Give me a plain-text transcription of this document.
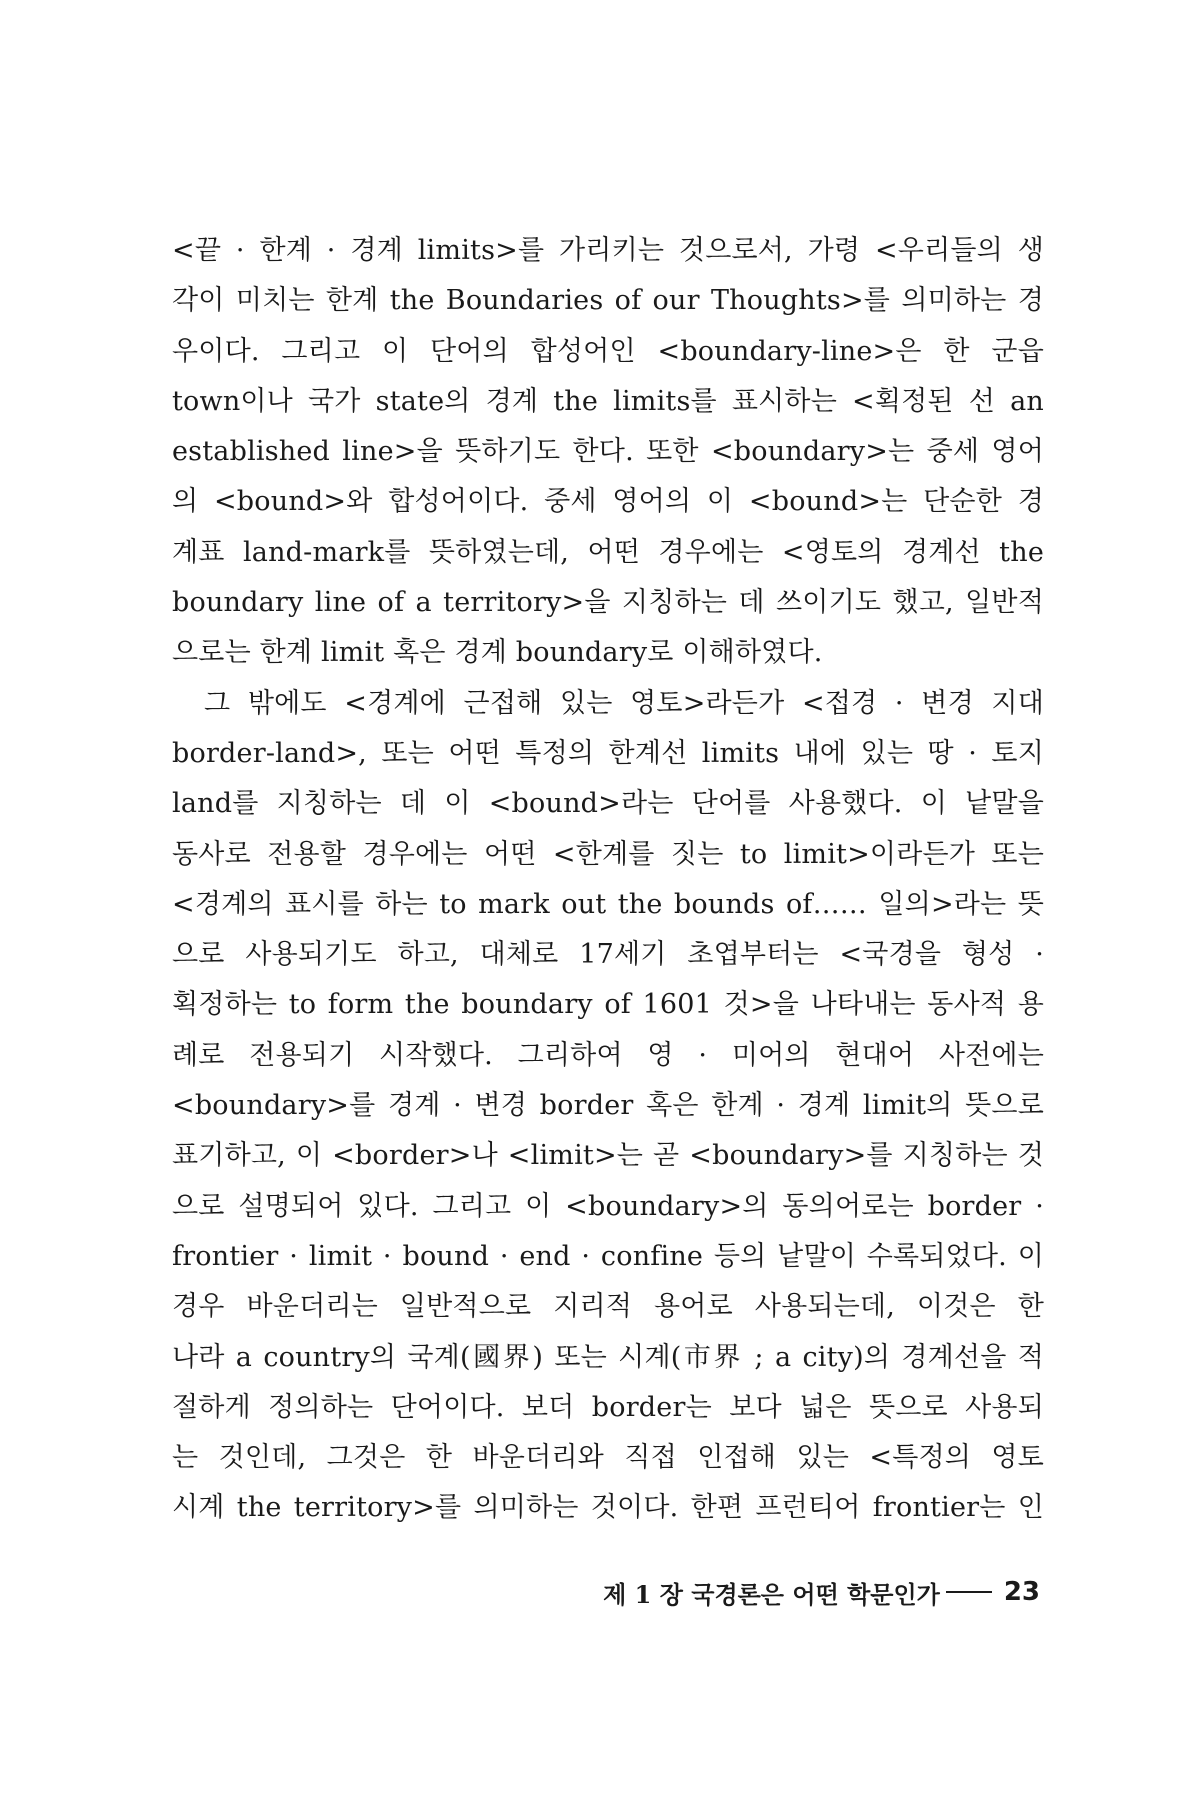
<끝 · 한계 · 경계 limits>를 가리키는 것으로서, 가령 <우리들의 생
각이 미치는 한계 the Boundaries of our Thoughts>를 의미하는 경
우이다. 그리고 이 단어의 합성어인 <boundary-line>은 한 군읍
town이나 국가 state의 경계 the limits를 표시하는 <획정된 선 an
established line>을 뜻하기도 한다. 또한 <boundary>는 중세 영어
의 <bound>와 합성어이다. 중세 영어의 이 <bound>는 단순한 경
계표 land-mark를 뜻하였는데, 어떤 경우에는 <영토의 경계선 the
boundary line of a territory>을 지칭하는 데 쓰이기도 했고, 일반적
으로는 한계 limit 혹은 경계 boundary로 이해하였다.
그 밖에도 <경계에 근접해 있는 영토>라든가 <접경 · 변경 지대
border-land>, 또는 어떤 특정의 한계선 limits 내에 있는 땅 · 토지
land를 지칭하는 데 이 <bound>라는 단어를 사용했다. 이 낱말을
동사로 전용할 경우에는 어떤 <한계를 짓는 to limit>이라든가 또는
<경계의 표시를 하는 to mark out the bounds of…… 일의>라는 뜻
으로 사용되기도 하고, 대체로 17세기 초엽부터는 <국경을 형성 ·
획정하는 to form the boundary of 1601 것>을 나타내는 동사적 용
례로 전용되기 시작했다. 그리하여 영 · 미어의 현대어 사전에는
<boundary>를 경계 · 변경 border 혹은 한계 · 경계 limit의 뜻으로
표기하고, 이 <border>나 <limit>는 곧 <boundary>를 지칭하는 것
으로 설명되어 있다. 그리고 이 <boundary>의 동의어로는 border ·
frontier · limit · bound · end · confine 등의 낱말이 수록되었다. 이
경우 바운더리는 일반적으로 지리적 용어로 사용되는데, 이것은 한
나라 a country의 국계(國界) 또는 시계(市界 ; a city)의 경계선을 적
절하게 정의하는 단어이다. 보더 border는 보다 넓은 뜻으로 사용되
는 것인데, 그것은 한 바운더리와 직접 인접해 있는 <특정의 영토
시계 the territory>를 의미하는 것이다. 한편 프런티어 frontier는 인
제 1 장 국경론은 어떤 학문인가 23
